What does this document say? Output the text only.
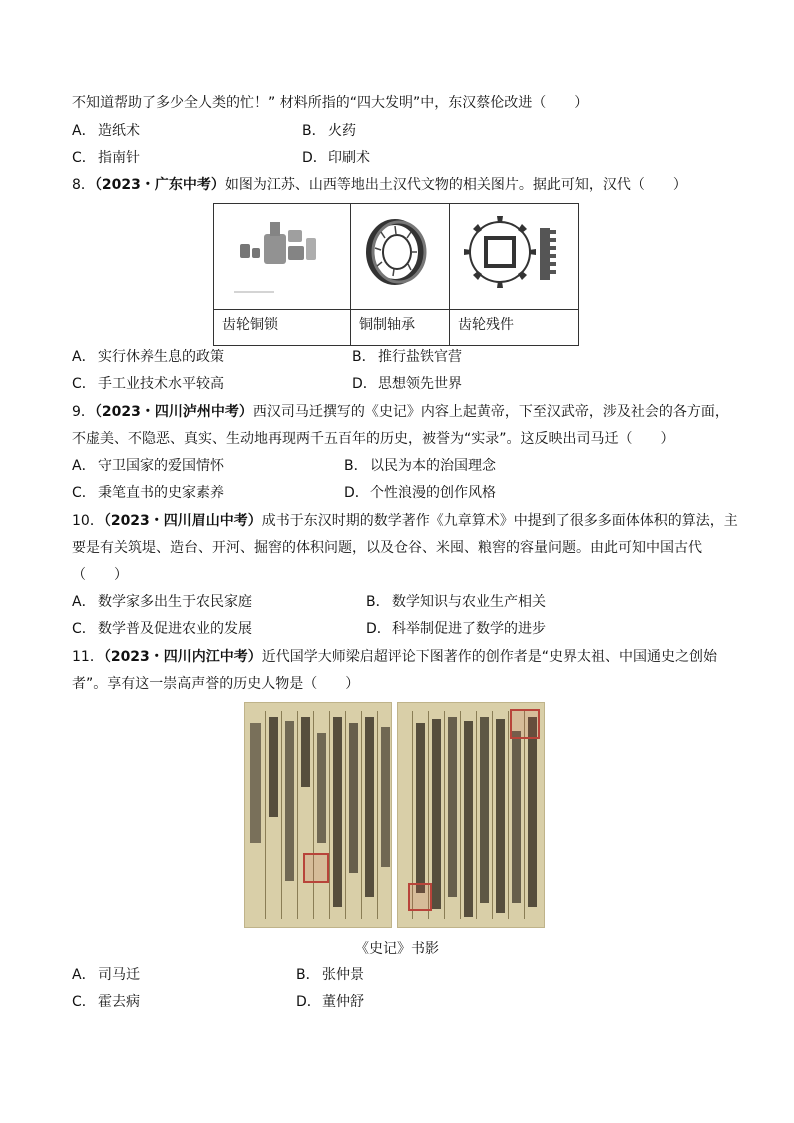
不知道帮助了多少全人类的忙！” 材料所指的“四大发明”中，东汉蔡伦改进（　　）
A． 造纸术	B． 火药
C． 指南针	D．印刷术
8．（2023・广东中考）如图为江苏、山西等地出土汉代文物的相关图片。据此可知，汉代（　　）
齿轮铜锁	铜制轴承	齿轮残件
A． 实行休养生息的政策	B． 推行盐铁官营
C． 手工业技术水平较高	D．思想领先世界
9．（2023・四川泸州中考）西汉司马迁撰写的《史记》内容上起黄帝，下至汉武帝，涉及社会的各方面，
不虚美、不隐恶、真实、生动地再现两千五百年的历史，被誉为“实录”。这反映出司马迁（　　）
A． 守卫国家的爱国情怀	B． 以民为本的治国理念
C． 秉笔直书的史家素养	D．个性浪漫的创作风格
10．（2023・四川眉山中考）成书于东汉时期的数学著作《九章算术》中提到了很多多面体体积的算法，主
要是有关筑堤、造台、开河、掘窖的体积问题，以及仓谷、米囤、粮窖的容量问题。由此可知中国古代
（　　）
A． 数学家多出生于农民家庭	B． 数学知识与农业生产相关
C． 数学普及促进农业的发展	D．科举制促进了数学的进步
11．（2023・四川内江中考）近代国学大师梁启超评论下图著作的创作者是“史界太祖、中国通史之创始
者”。享有这一崇高声誉的历史人物是（　　）
《史记》书影
A． 司马迁	B． 张仲景
C． 霍去病	D．董仲舒
